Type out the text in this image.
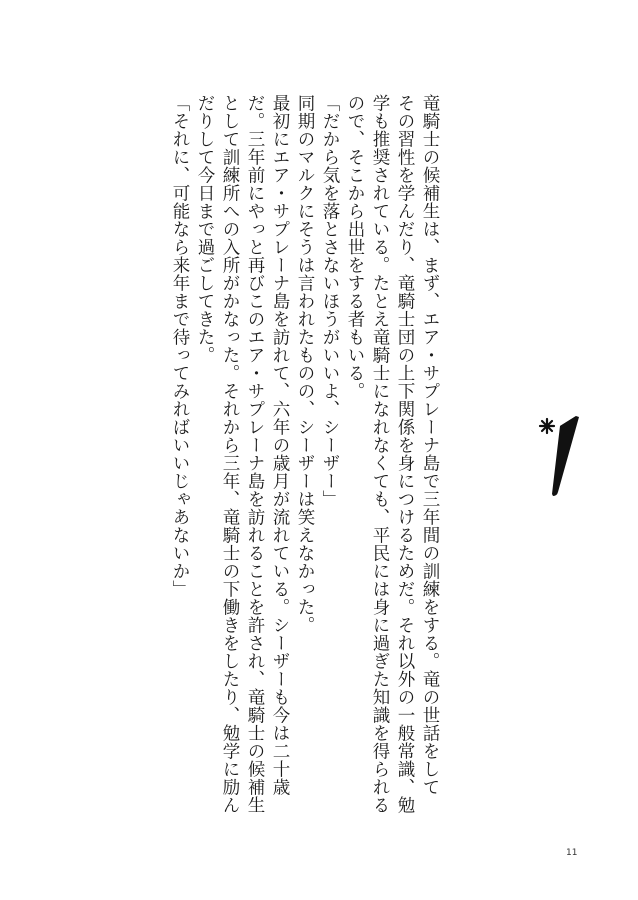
竜騎士の候補生は、まず、エア・サプレーナ島で三年間の訓練をする。竜の世話をして

その習性を学んだり、竜騎士団の上下関係を身につけるためだ。それ以外の一般常識、勉

学も推奨されている。たとえ竜騎士になれなくても、平民には身に過ぎた知識を得られる

ので、そこから出世をする者もいる。

「だから気を落とさないほうがいいよ、シーザー」

同期のマルクにそうは言われたものの、シーザーは笑えなかった。

最初にエア・サプレーナ島を訪れて、六年の歳月が流れている。シーザーも今は二十歳

だ。三年前にやっと再びこのエア・サプレーナ島を訪れることを許され、竜騎士の候補生

として訓練所への入所がかなった。それから三年、竜騎士の下働きをしたり、勉学に励ん

だりして今日まで過ごしてきた。

「それに、可能なら来年まで待ってみればいいじゃあないか」

11
